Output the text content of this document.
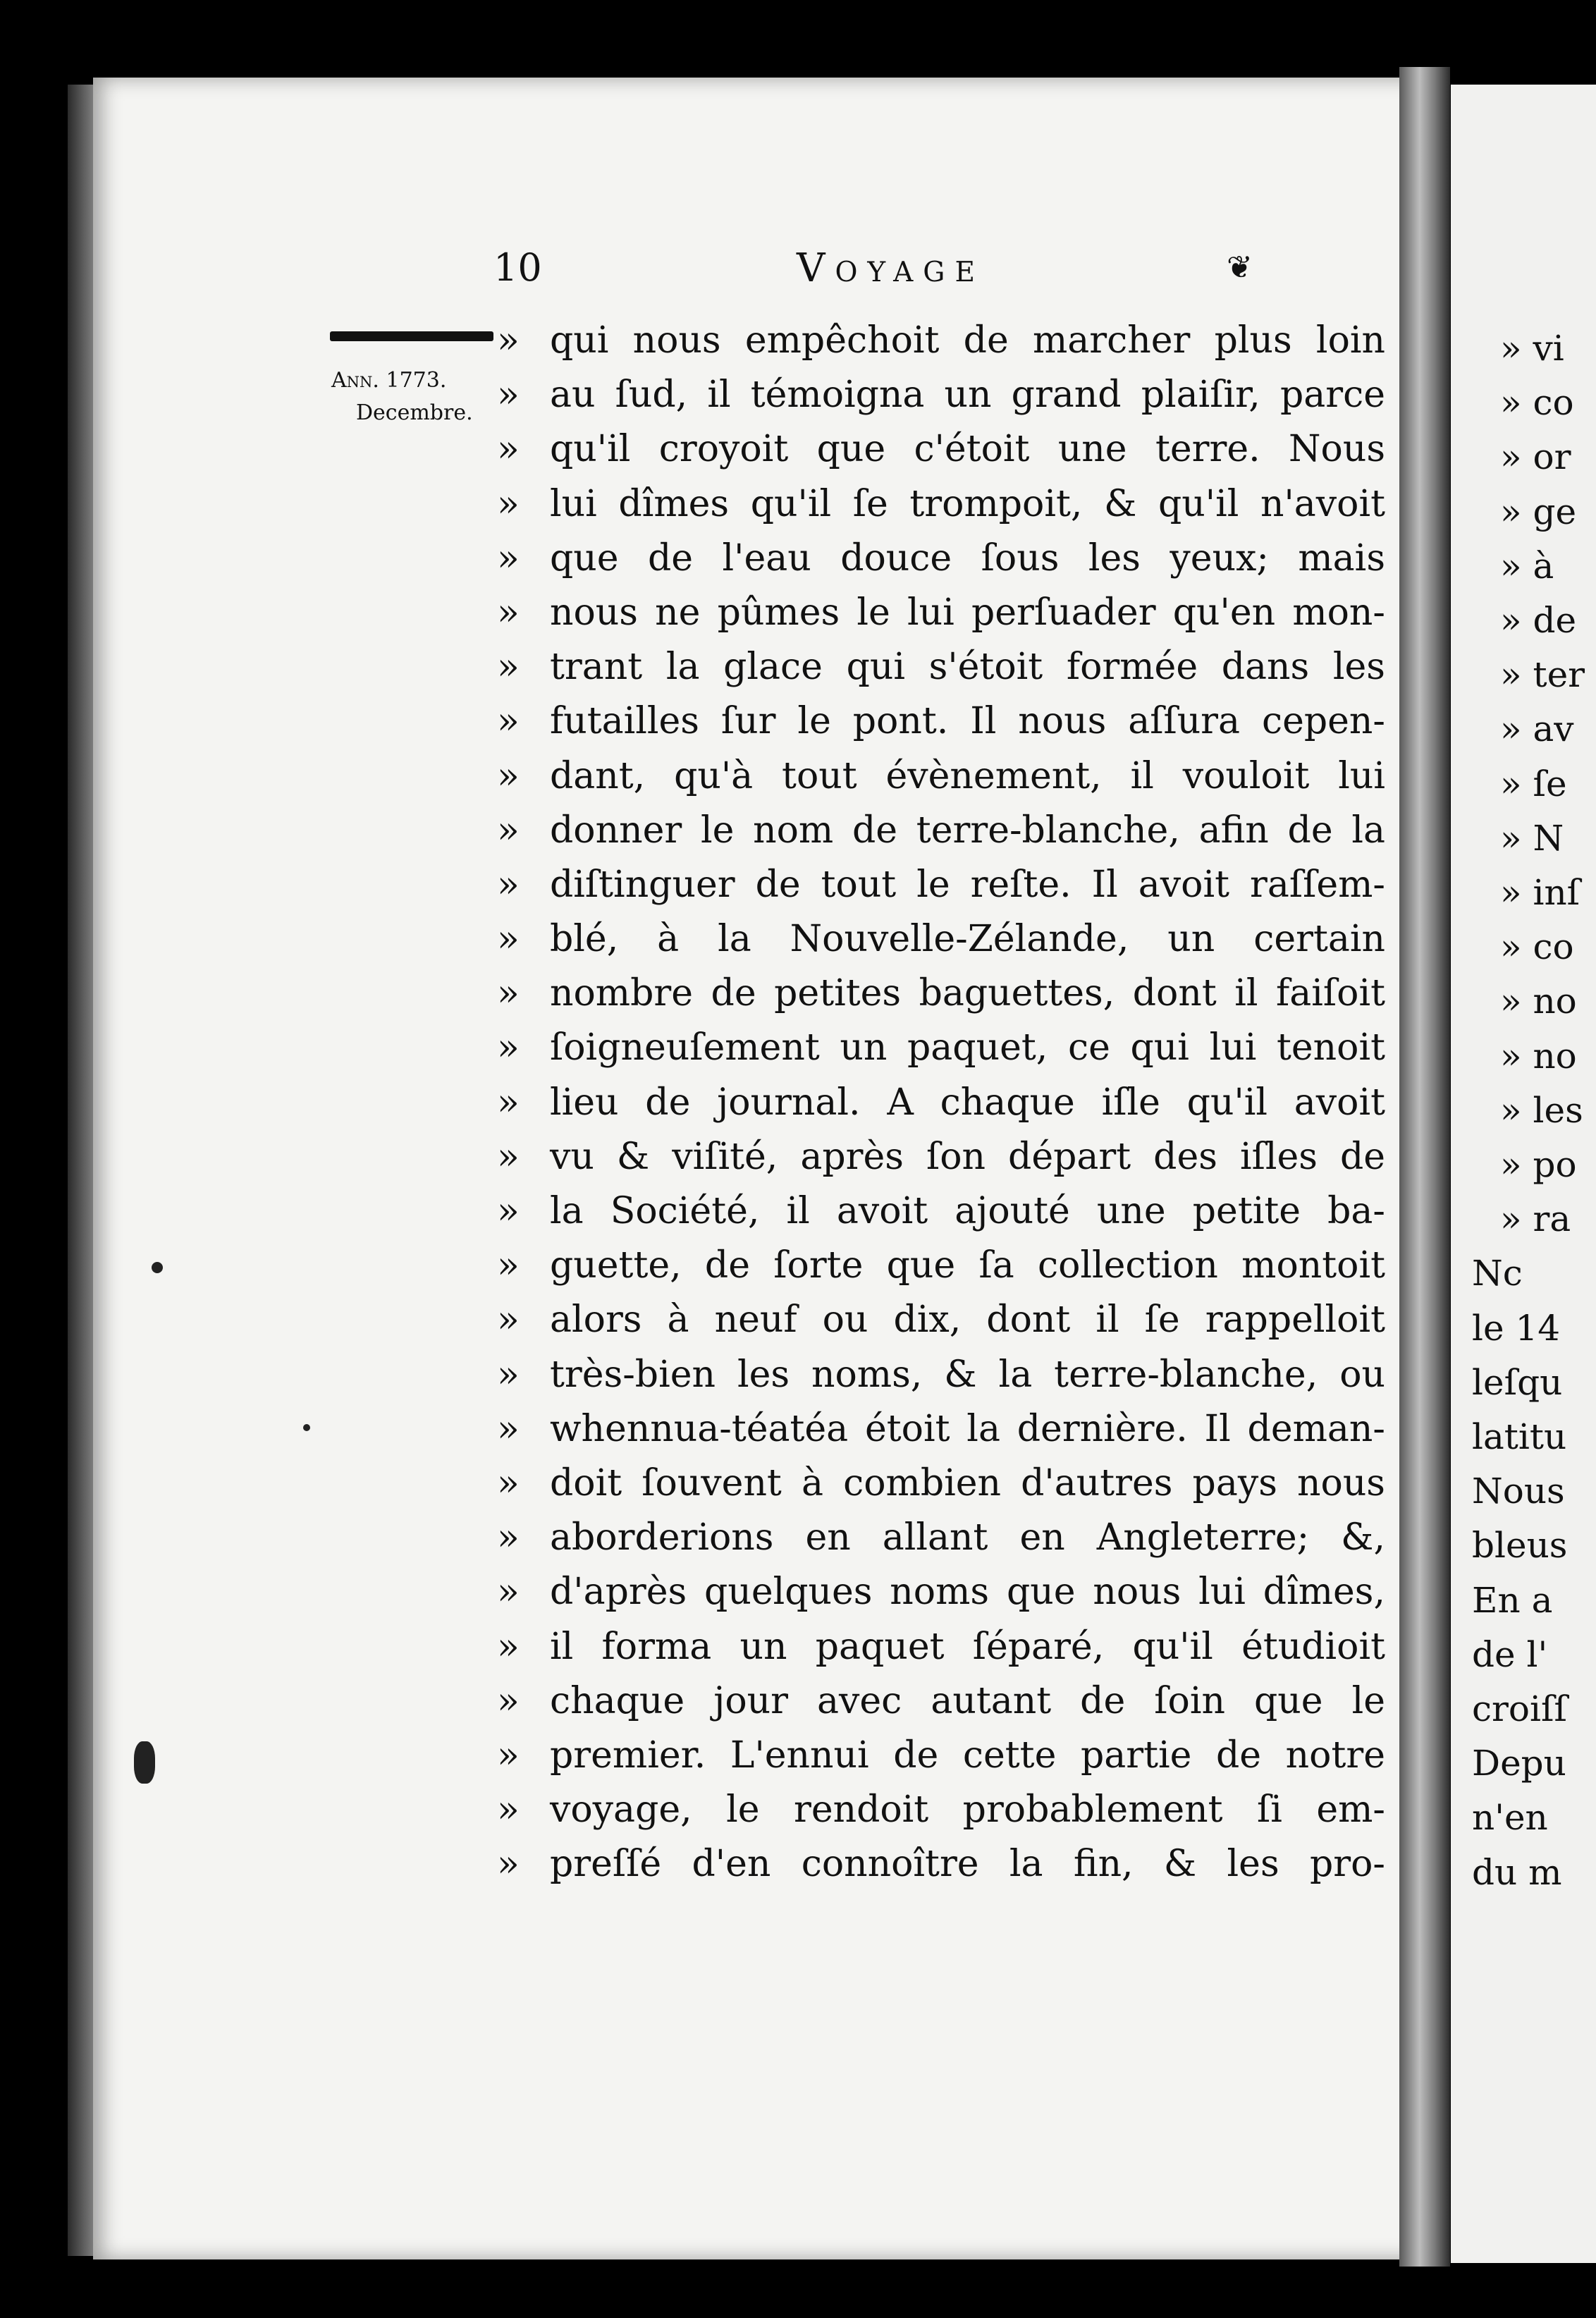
» vi
» co
» or
» ge
» à
» de
» ter
» av
» ſe
» N
» inſ
» co
» no
» no
» les
» po
» ra
Nc
le 14
leſqu
latitu
Nous
bleus
En a
de l'
croiſſ
Depu
n'en
du m
10	Voyage	❦
Ann. 1773.
Decembre.
» qui nous empêchoit de marcher plus loin
» au ſud, il témoigna un grand plaiſir, parce
» qu'il croyoit que c'étoit une terre. Nous
» lui dîmes qu'il ſe trompoit, & qu'il n'avoit
» que de l'eau douce ſous les yeux; mais
» nous ne pûmes le lui perſuader qu'en mon-
» trant la glace qui s'étoit formée dans les
» futailles ſur le pont. Il nous aſſura cepen-
» dant, qu'à tout évènement, il vouloit lui
» donner le nom de terre-blanche, afin de la
» diſtinguer de tout le reſte. Il avoit raſſem-
» blé, à la Nouvelle-Zélande, un certain
» nombre de petites baguettes, dont il faiſoit
» ſoigneuſement un paquet, ce qui lui tenoit
» lieu de journal. A chaque iſle qu'il avoit
» vu & viſité, après ſon départ des iſles de
» la Société, il avoit ajouté une petite ba-
» guette, de ſorte que ſa collection montoit
» alors à neuf ou dix, dont il ſe rappelloit
» très-bien les noms, & la terre-blanche, ou
» whennua-téatéa étoit la dernière. Il deman-
» doit ſouvent à combien d'autres pays nous
» aborderions en allant en Angleterre; &,
» d'après quelques noms que nous lui dîmes,
» il forma un paquet ſéparé, qu'il étudioit
» chaque jour avec autant de ſoin que le
» premier. L'ennui de cette partie de notre
» voyage, le rendoit probablement ſi em-
» preſſé d'en connoître la fin, & les pro-
